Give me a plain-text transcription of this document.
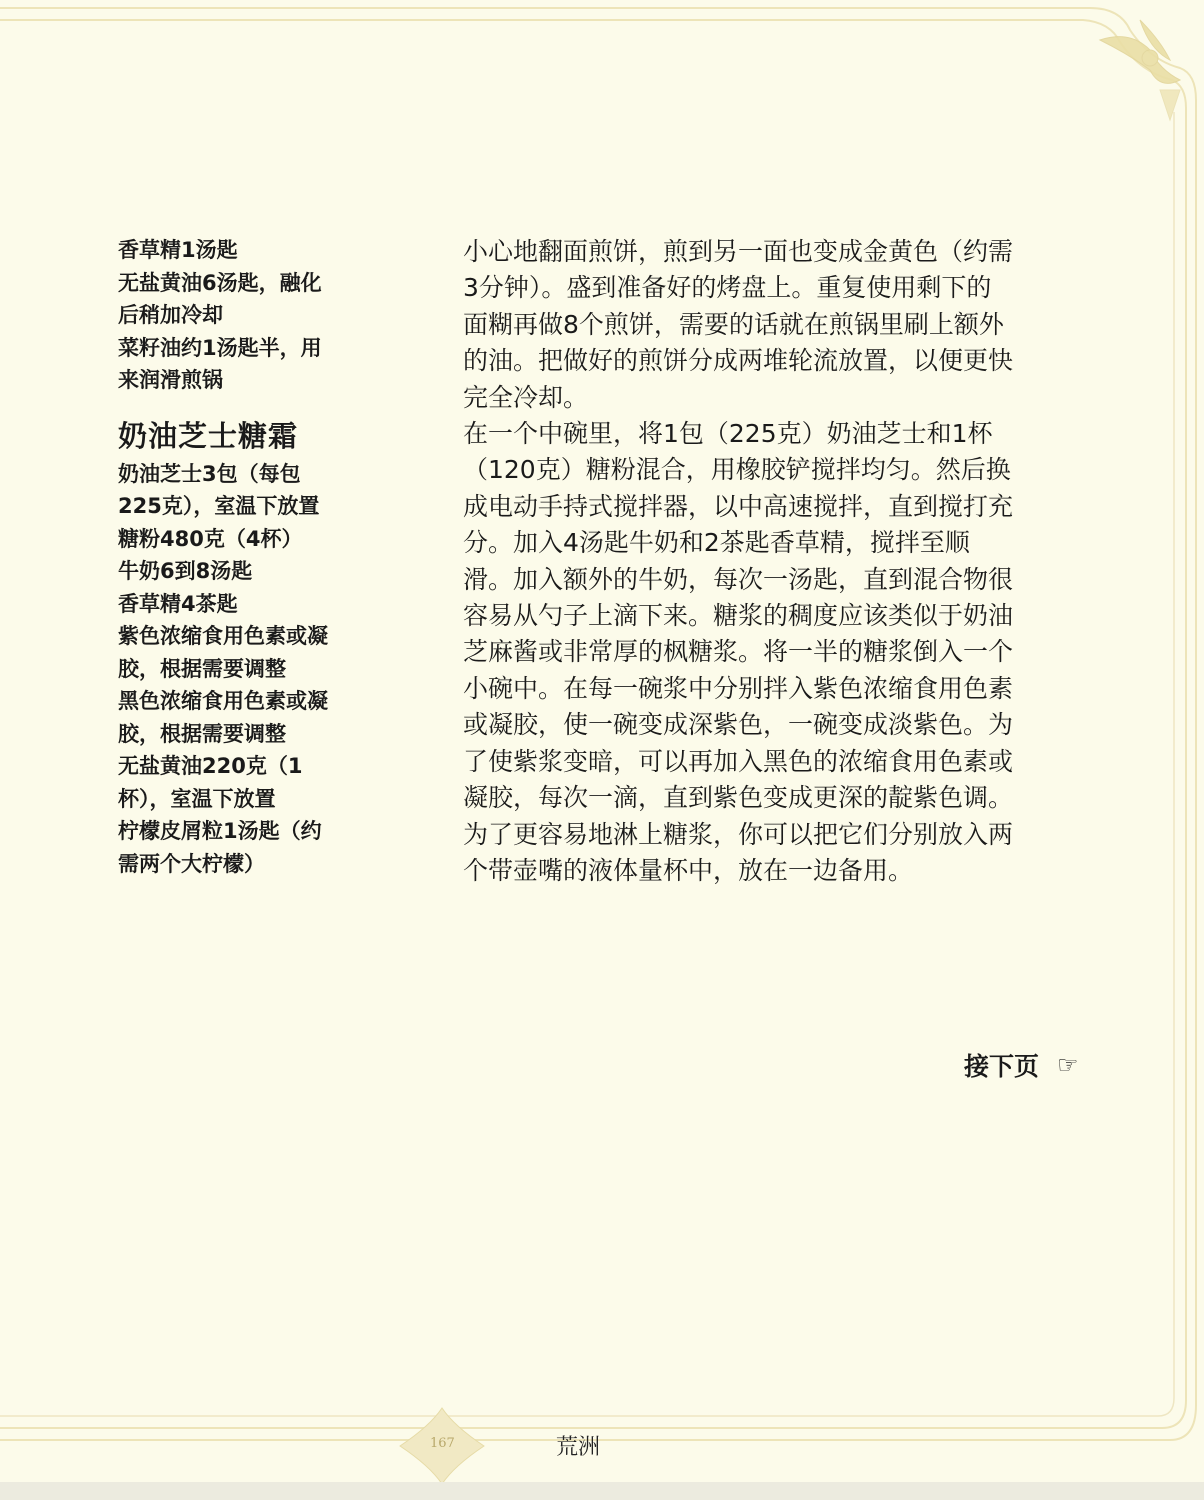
香草精1汤匙
无盐黄油6汤匙，融化
后稍加冷却
菜籽油约1汤匙半，用
来润滑煎锅
奶油芝士糖霜
奶油芝士3包（每包
225克），室温下放置
糖粉480克（4杯）
牛奶6到8汤匙
香草精4茶匙
紫色浓缩食用色素或凝
胶，根据需要调整
黑色浓缩食用色素或凝
胶，根据需要调整
无盐黄油220克（1
杯），室温下放置
柠檬皮屑粒1汤匙（约
需两个大柠檬）
小心地翻面煎饼，煎到另一面也变成金黄色（约需
3分钟）。盛到准备好的烤盘上。重复使用剩下的
面糊再做8个煎饼，需要的话就在煎锅里刷上额外
的油。把做好的煎饼分成两堆轮流放置，以便更快
完全冷却。
在一个中碗里，将1包（225克）奶油芝士和1杯
（120克）糖粉混合，用橡胶铲搅拌均匀。然后换
成电动手持式搅拌器，以中高速搅拌，直到搅打充
分。加入4汤匙牛奶和2茶匙香草精，搅拌至顺
滑。加入额外的牛奶，每次一汤匙，直到混合物很
容易从勺子上滴下来。糖浆的稠度应该类似于奶油
芝麻酱或非常厚的枫糖浆。将一半的糖浆倒入一个
小碗中。在每一碗浆中分别拌入紫色浓缩食用色素
或凝胶，使一碗变成深紫色，一碗变成淡紫色。为
了使紫浆变暗，可以再加入黑色的浓缩食用色素或
凝胶，每次一滴，直到紫色变成更深的靛紫色调。
为了更容易地淋上糖浆，你可以把它们分别放入两
个带壶嘴的液体量杯中，放在一边备用。
接下页 ☞
167	荒洲
